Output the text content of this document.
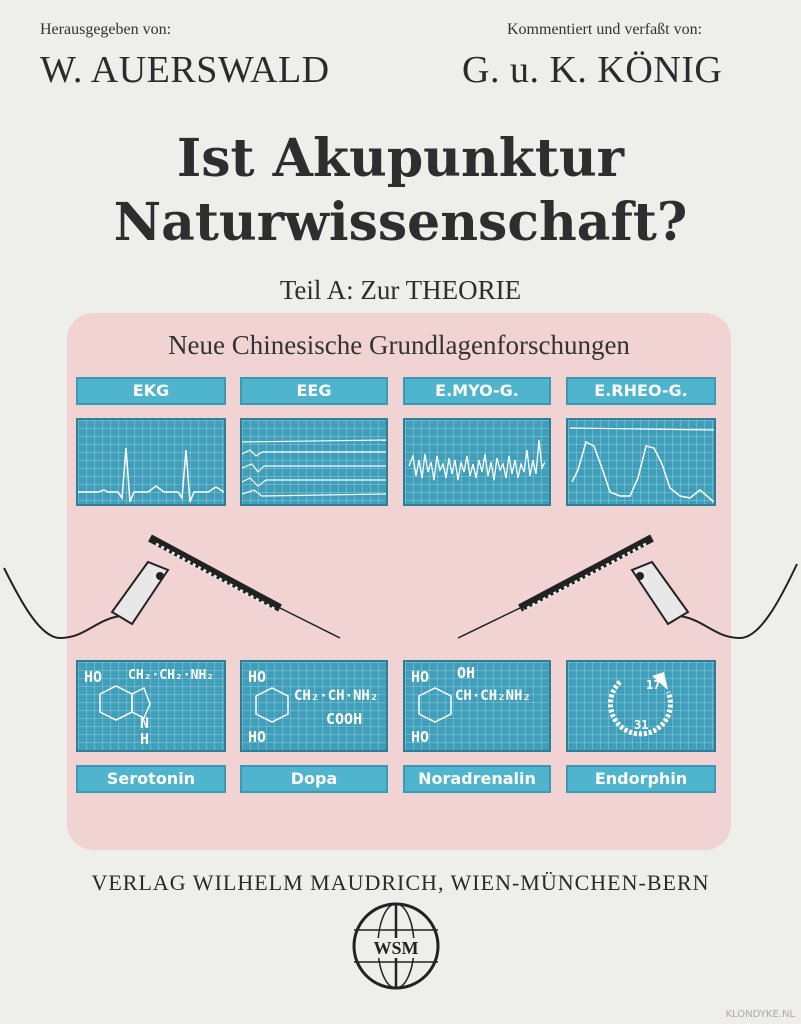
Herausgegeben von:
W. AUERSWALD
Kommentiert und verfaßt von:
G. u. K. KÖNIG
Ist Akupunktur
Naturwissenschaft?
Teil A: Zur THEORIE
Neue Chinesische Grundlagenforschungen
EKG	EEG	E.MYO-G.	E.RHEO-G.
HO CH₂·CH₂·NH₂
N
H
HO
CH₂·CH·NH₂
COOH
HO
HO OH
CH·CH₂NH₂
HO
17
31
Serotonin	Dopa	Noradrenalin	Endorphin
VERLAG WILHELM MAUDRICH, WIEN-MÜNCHEN-BERN
WSM
KLONDYKE.NL
